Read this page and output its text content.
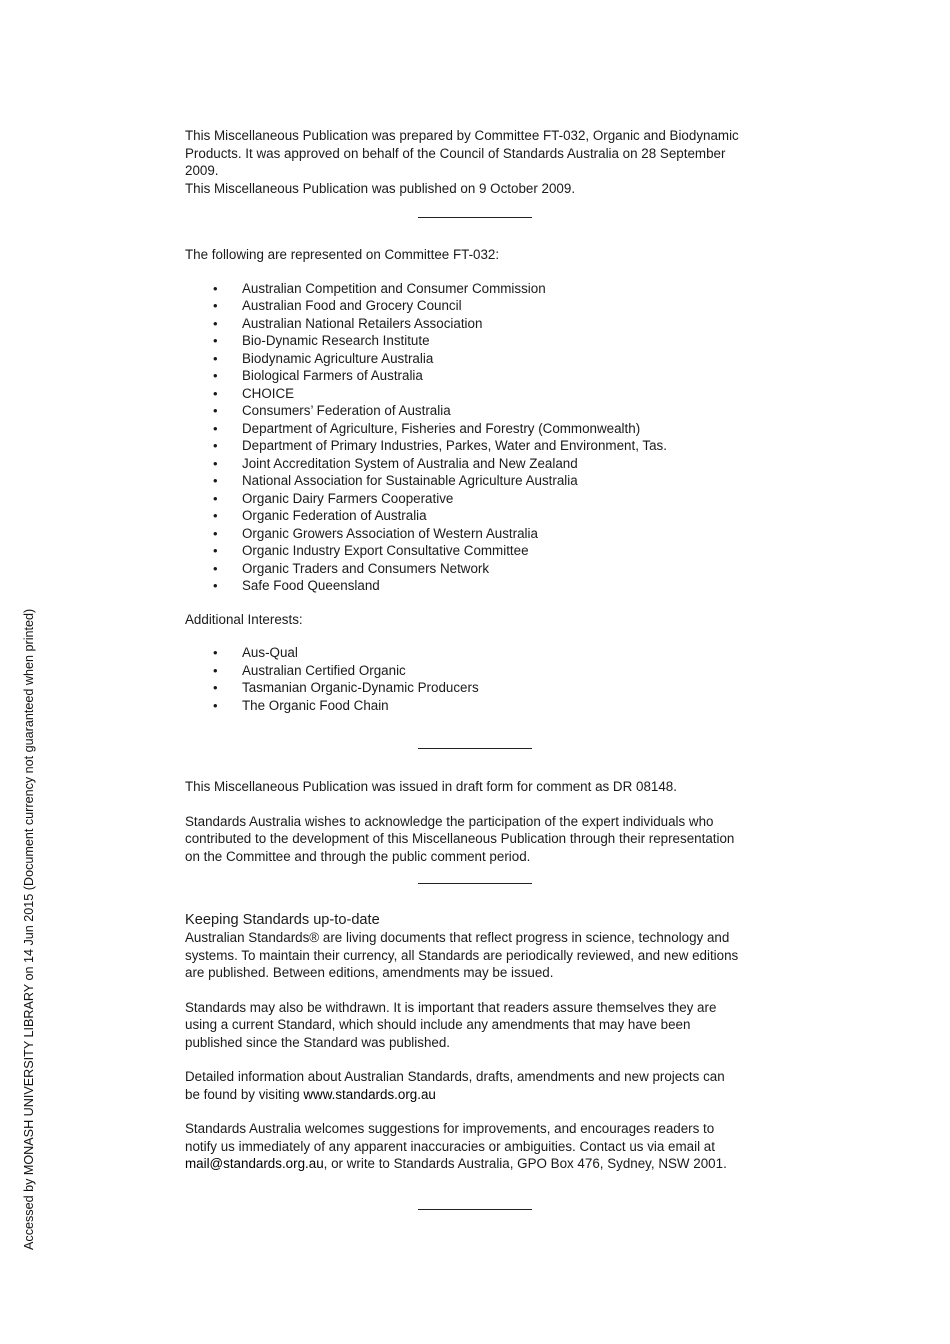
This Miscellaneous Publication was prepared by Committee FT-032, Organic and Biodynamic

Products. It was approved on behalf of the Council of Standards Australia on 28 September

2009.

This Miscellaneous Publication was published on 9 October 2009.

The following are represented on Committee FT-032:

• Australian Competition and Consumer Commission
• Australian Food and Grocery Council
• Australian National Retailers Association
• Bio-Dynamic Research Institute
• Biodynamic Agriculture Australia
• Biological Farmers of Australia
• CHOICE
• Consumers’ Federation of Australia
• Department of Agriculture, Fisheries and Forestry (Commonwealth)
• Department of Primary Industries, Parkes, Water and Environment, Tas.
• Joint Accreditation System of Australia and New Zealand
• National Association for Sustainable Agriculture Australia
• Organic Dairy Farmers Cooperative
• Organic Federation of Australia
• Organic Growers Association of Western Australia
• Organic Industry Export Consultative Committee
• Organic Traders and Consumers Network
• Safe Food Queensland

Additional Interests:

• Aus-Qual
• Australian Certified Organic
• Tasmanian Organic-Dynamic Producers
• The Organic Food Chain

This Miscellaneous Publication was issued in draft form for comment as DR 08148.

Standards Australia wishes to acknowledge the participation of the expert individuals who

contributed to the development of this Miscellaneous Publication through their representation

on the Committee and through the public comment period.

Keeping Standards up-to-date

Australian Standards® are living documents that reflect progress in science, technology and

systems. To maintain their currency, all Standards are periodically reviewed, and new editions

are published. Between editions, amendments may be issued.

Standards may also be withdrawn. It is important that readers assure themselves they are

using a current Standard, which should include any amendments that may have been

published since the Standard was published.

Detailed information about Australian Standards, drafts, amendments and new projects can

be found by visiting www.standards.org.au

Standards Australia welcomes suggestions for improvements, and encourages readers to

notify us immediately of any apparent inaccuracies or ambiguities. Contact us via email at

mail@standards.org.au, or write to Standards Australia, GPO Box 476, Sydney, NSW 2001.

Accessed by MONASH UNIVERSITY LIBRARY on 14 Jun 2015 (Document currency not guaranteed when printed)
